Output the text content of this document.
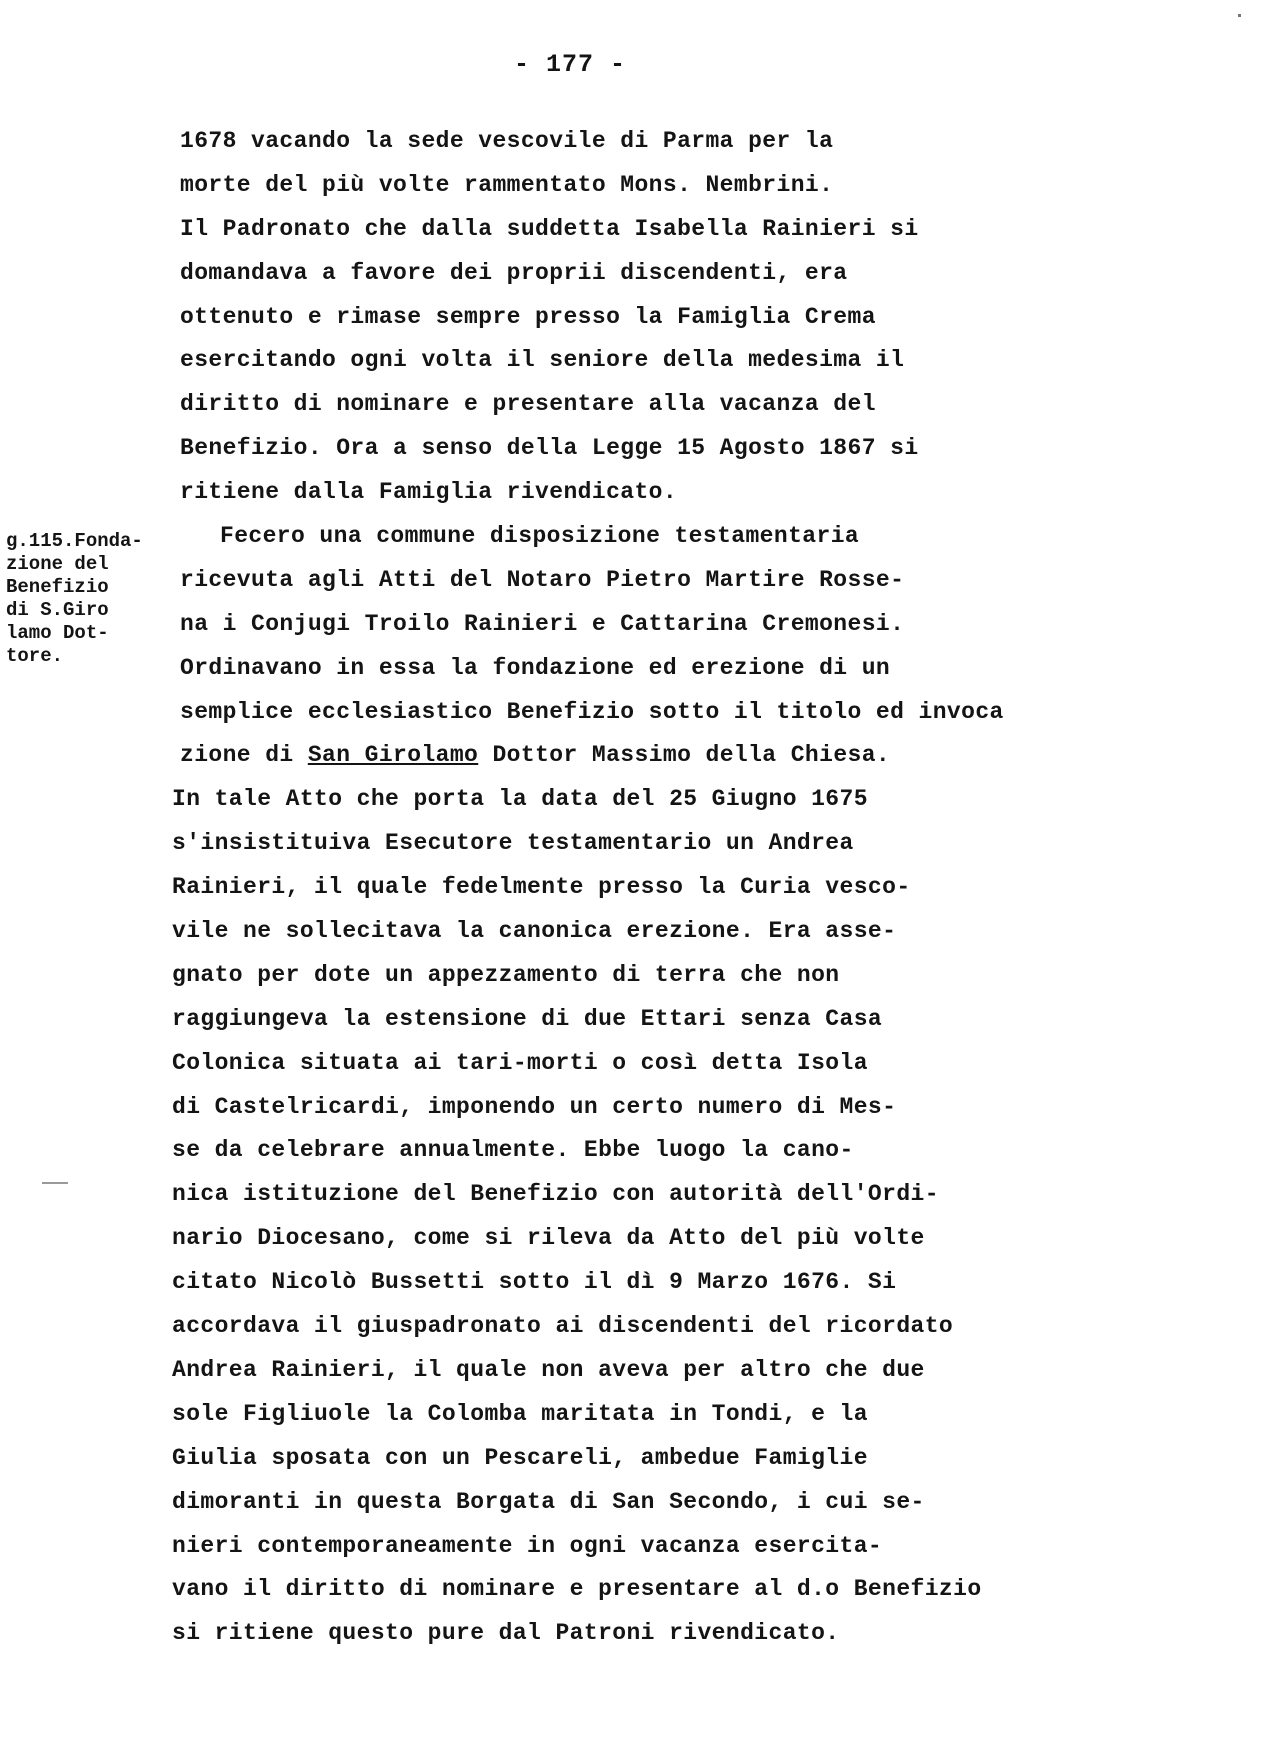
- 177 -
g.115.Fonda-
zione del
Benefizio
di S.Giro
lamo Dot-
tore.
1678 vacando la sede vescovile di Parma per la
morte del più volte rammentato Mons. Nembrini.
Il Padronato che dalla suddetta Isabella Rainieri si
domandava a favore dei proprii discendenti, era
ottenuto e rimase sempre presso la Famiglia Crema
esercitando ogni volta il seniore della medesima il
diritto di nominare e presentare alla vacanza del
Benefizio. Ora a senso della Legge 15 Agosto 1867 si
ritiene dalla Famiglia rivendicato.
Fecero una commune disposizione testamentaria
ricevuta agli Atti del Notaro Pietro Martire Rosse-
na i Conjugi Troilo Rainieri e Cattarina Cremonesi.
Ordinavano in essa la fondazione ed erezione di un
semplice ecclesiastico Benefizio sotto il titolo ed invoca
zione di San Girolamo Dottor Massimo della Chiesa.
In tale Atto che porta la data del 25 Giugno 1675
s'insistituiva Esecutore testamentario un Andrea
Rainieri, il quale fedelmente presso la Curia vesco-
vile ne sollecitava la canonica erezione. Era asse-
gnato per dote un appezzamento di terra che non
raggiungeva la estensione di due Ettari senza Casa
Colonica situata ai tari-morti o così detta Isola
di Castelricardi, imponendo un certo numero di Mes-
se da celebrare annualmente. Ebbe luogo la cano-
nica istituzione del Benefizio con autorità dell'Ordi-
nario Diocesano, come si rileva da Atto del più volte
citato Nicolò Bussetti sotto il dì 9 Marzo 1676. Si
accordava il giuspadronato ai discendenti del ricordato
Andrea Rainieri, il quale non aveva per altro che due
sole Figliuole la Colomba maritata in Tondi, e la
Giulia sposata con un Pescareli, ambedue Famiglie
dimoranti in questa Borgata di San Secondo, i cui se-
nieri contemporaneamente in ogni vacanza esercita-
vano il diritto di nominare e presentare al d.o Benefizio
si ritiene questo pure dal Patroni rivendicato.
